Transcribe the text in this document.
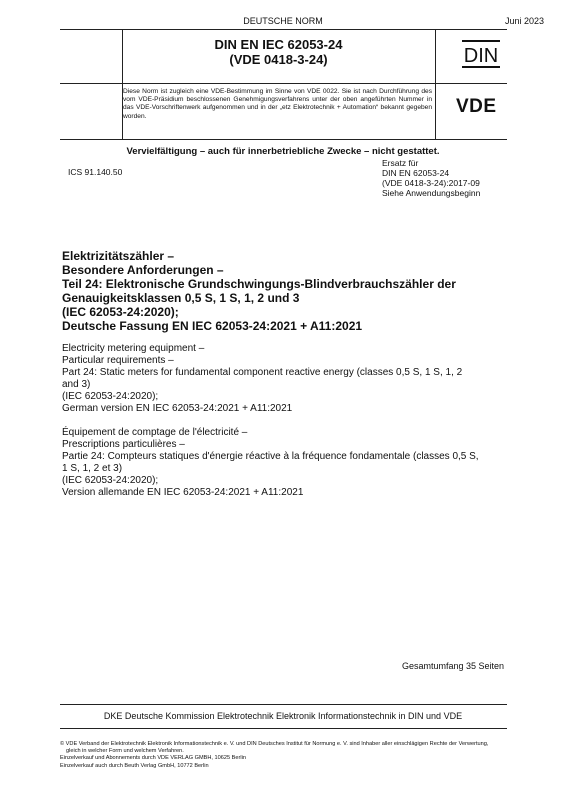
DEUTSCHE NORM	Juni 2023
DIN EN IEC 62053-24
(VDE 0418-3-24)	DIN
Diese Norm ist zugleich eine VDE-Bestimmung im Sinne von VDE 0022. Sie ist nach Durchführung des vom VDE-Präsidium beschlossenen Genehmigungsverfahrens unter der oben angeführten Nummer in das VDE-Vorschriftenwerk aufgenommen und in der „etz Elektrotechnik + Automation“ bekannt gegeben worden.	VDE
Vervielfältigung – auch für innerbetriebliche Zwecke – nicht gestattet.
ICS 91.140.50
Ersatz für
DIN EN 62053-24
(VDE 0418-3-24):2017-09
Siehe Anwendungsbeginn
Elektrizitätszähler –
Besondere Anforderungen –
Teil 24: Elektronische Grundschwingungs-Blindverbrauchszähler der
Genauigkeitsklassen 0,5 S, 1 S, 1, 2 und 3
(IEC 62053-24:2020);
Deutsche Fassung EN IEC 62053-24:2021 + A11:2021
Electricity metering equipment –
Particular requirements –
Part 24: Static meters for fundamental component reactive energy (classes 0,5 S, 1 S, 1, 2
and 3)
(IEC 62053-24:2020);
German version EN IEC 62053-24:2021 + A11:2021
Équipement de comptage de l'électricité –
Prescriptions particulières –
Partie 24: Compteurs statiques d'énergie réactive à la fréquence fondamentale (classes 0,5 S,
1 S, 1, 2 et 3)
(IEC 62053-24:2020);
Version allemande EN IEC 62053-24:2021 + A11:2021
Gesamtumfang 35 Seiten
DKE Deutsche Kommission Elektrotechnik Elektronik Informationstechnik in DIN und VDE
© VDE Verband der Elektrotechnik Elektronik Informationstechnik e. V. und DIN Deutsches Institut für Normung e. V. sind Inhaber aller einschlägigen Rechte der Verwertung,
gleich in welcher Form und welchem Verfahren.
Einzelverkauf und Abonnements durch VDE VERLAG GMBH, 10625 Berlin
Einzelverkauf auch durch Beuth Verlag GmbH, 10772 Berlin
